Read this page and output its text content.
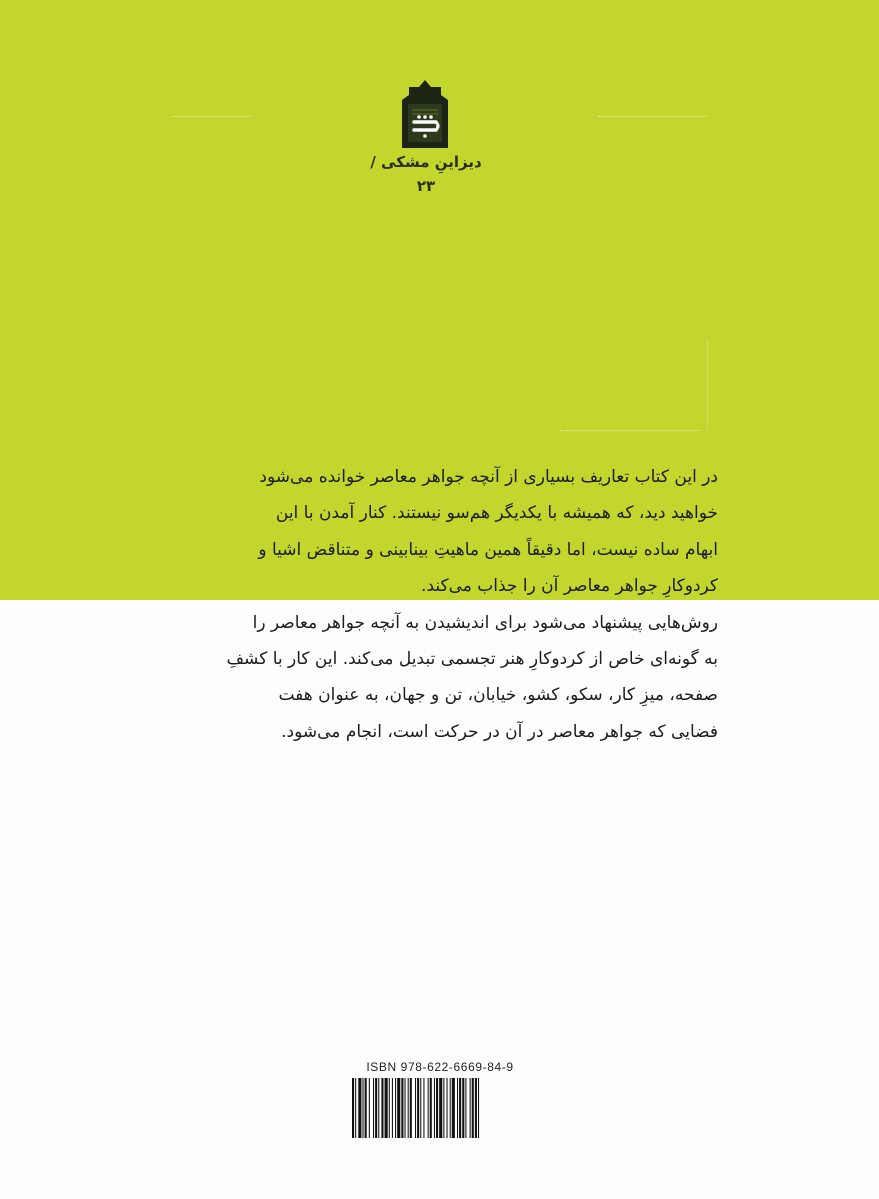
دیزاینِ مشکی / ۲۳

در این کتاب تعاریف بسیاری از آنچه جواهر معاصر خوانده می‌شود

خواهید دید، که همیشه با یکدیگر هم‌سو نیستند. کنار آمدن با این

ابهام ساده نیست، اما دقیقاً همین ماهیتِ بینابینی و متناقض اشیا و

کردوکارِ جواهر معاصر آن را جذاب می‌کند.

روش‌هایی پیشنهاد می‌شود برای اندیشیدن به آنچه جواهر معاصر را

به گونه‌ای خاص از کردوکارِ هنر تجسمی تبدیل می‌کند. این کار با کشفِ

صفحه، میزِ کار، سکو، کشو، خیابان، تن و جهان، به عنوان هفت

فضایی که جواهر معاصر در آن در حرکت است، انجام می‌شود.

ISBN 978-622-6669-84-9
